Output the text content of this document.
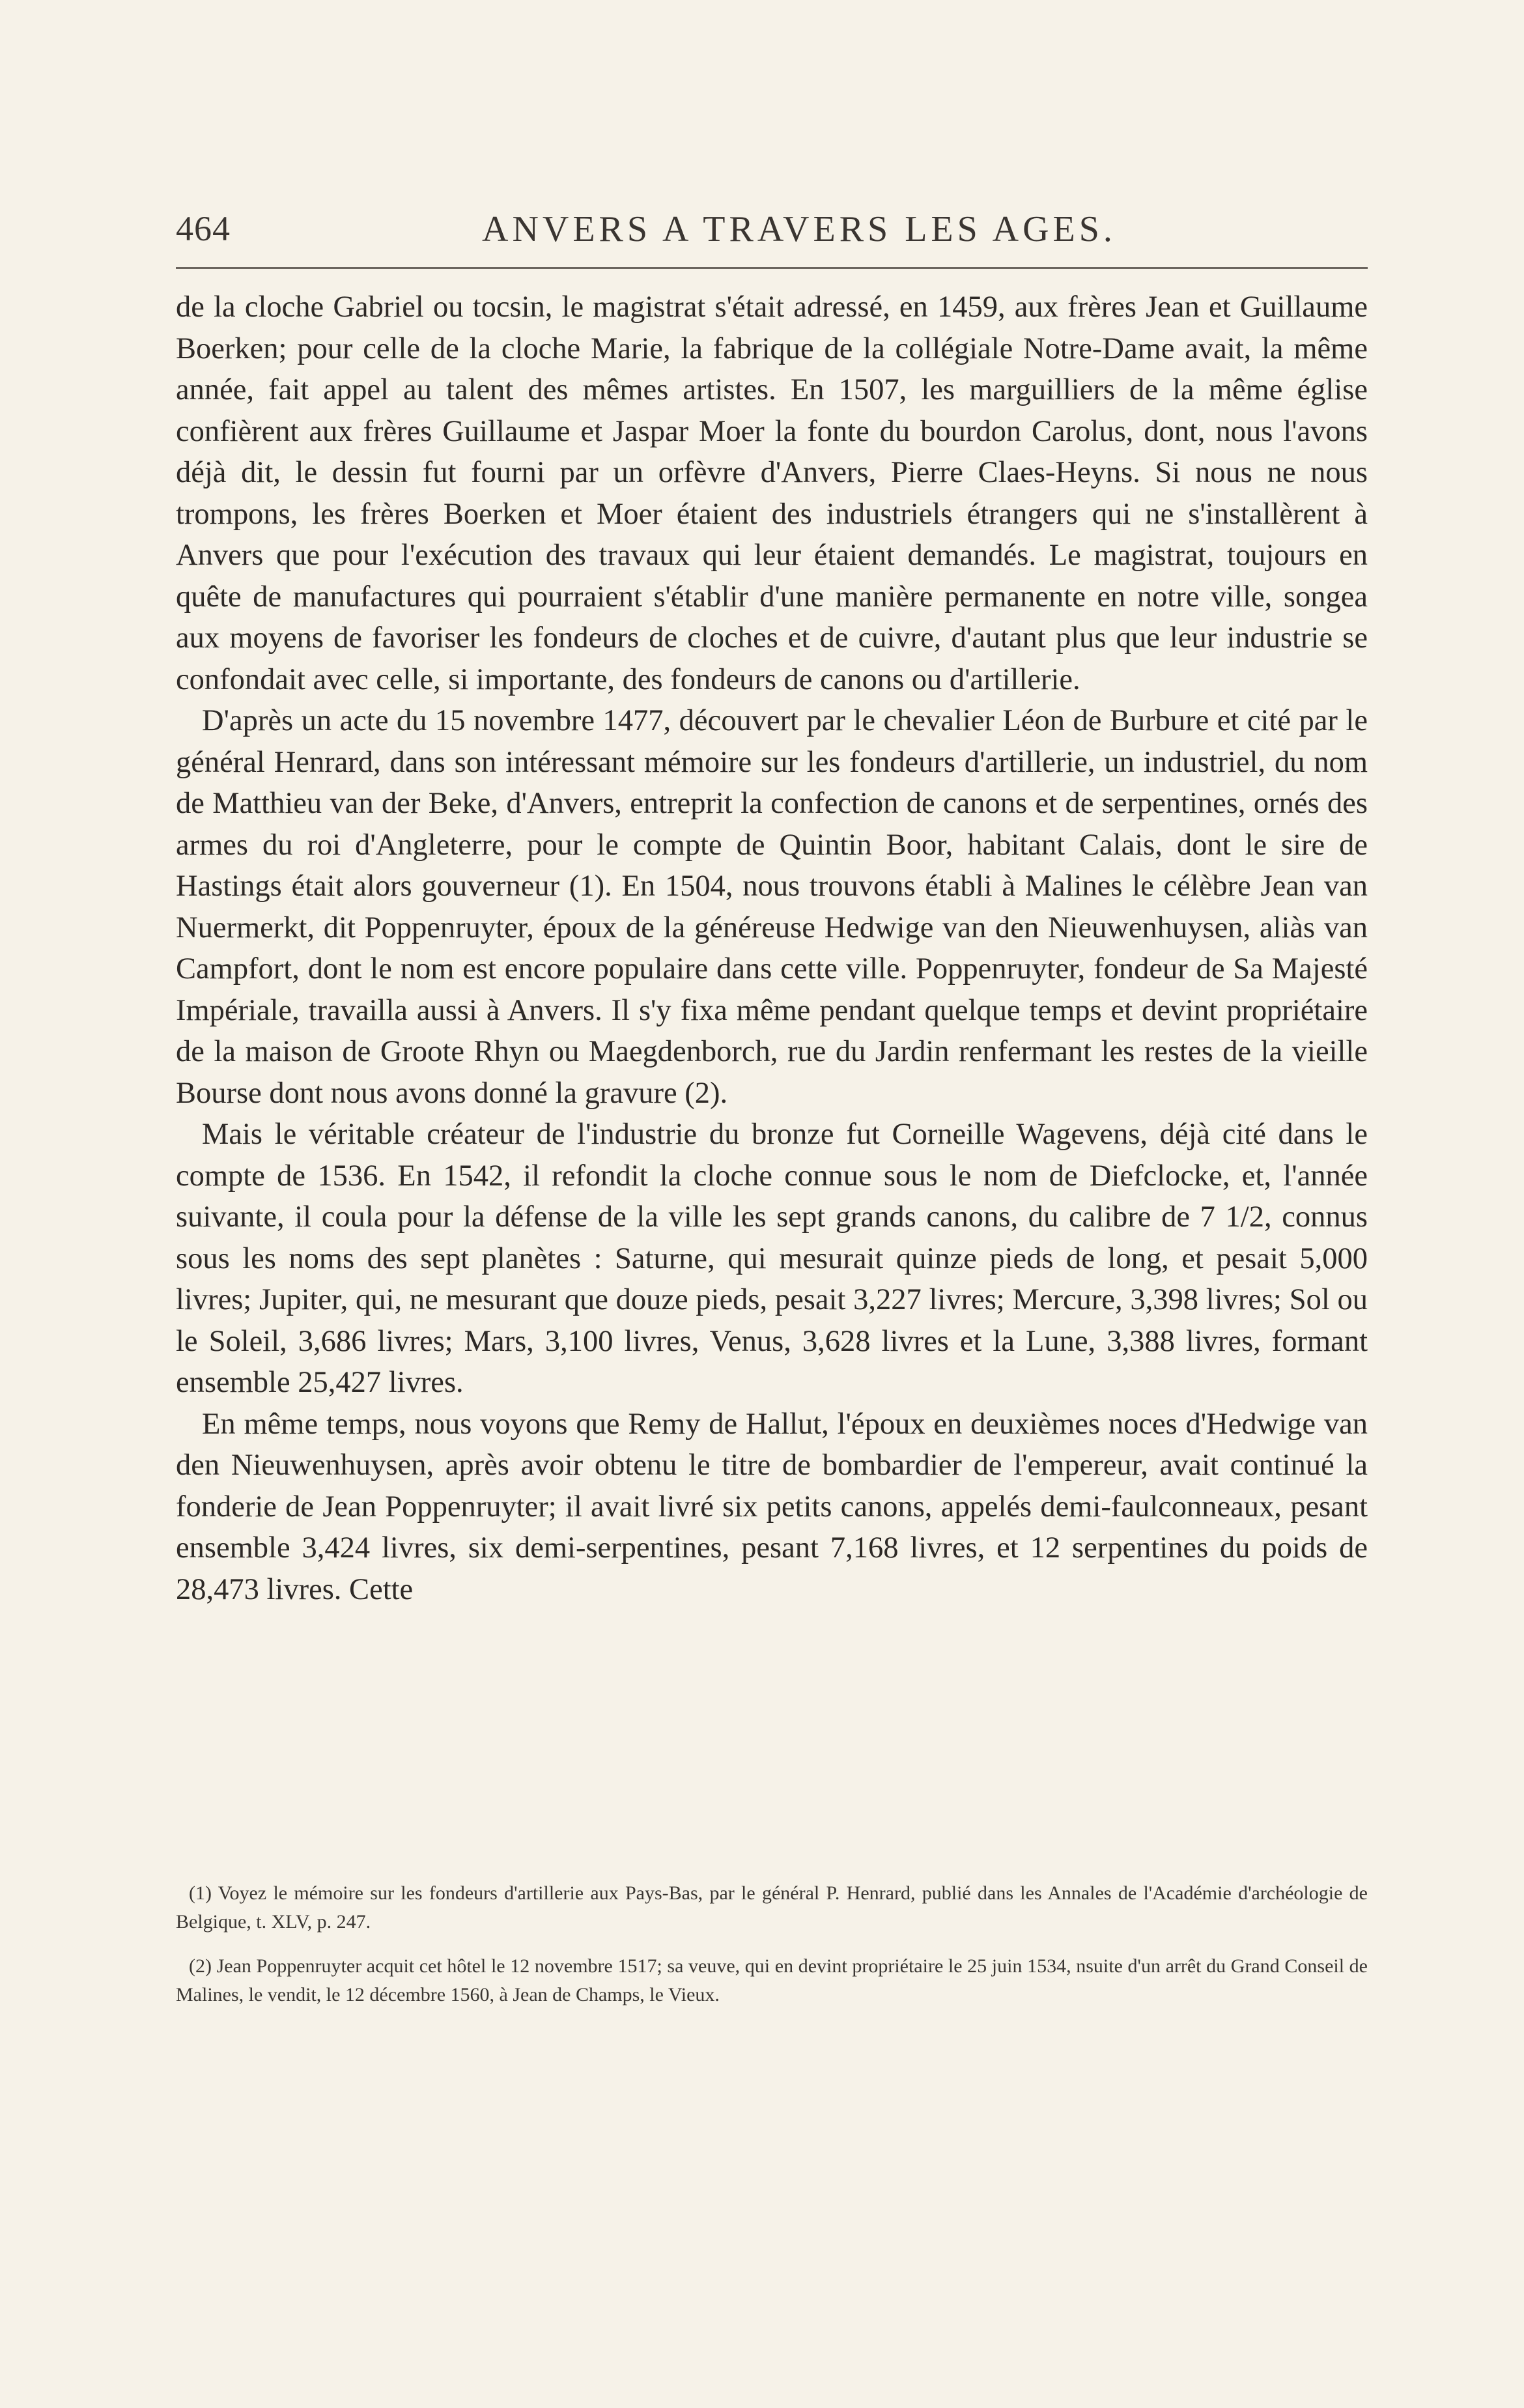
464	ANVERS A TRAVERS LES AGES.

de la cloche Gabriel ou tocsin, le magistrat s'était adressé, en 1459, aux frères Jean et Guillaume Boerken; pour celle de la cloche Marie, la fabrique de la collégiale Notre-Dame avait, la même année, fait appel au talent des mêmes artistes. En 1507, les marguilliers de la même église confièrent aux frères Guillaume et Jaspar Moer la fonte du bourdon Carolus, dont, nous l'avons déjà dit, le dessin fut fourni par un orfèvre d'Anvers, Pierre Claes-Heyns. Si nous ne nous trompons, les frères Boerken et Moer étaient des industriels étrangers qui ne s'installèrent à Anvers que pour l'exécution des travaux qui leur étaient demandés. Le magistrat, toujours en quête de manufactures qui pourraient s'établir d'une manière permanente en notre ville, songea aux moyens de favoriser les fondeurs de cloches et de cuivre, d'autant plus que leur industrie se confondait avec celle, si importante, des fondeurs de canons ou d'artillerie.

D'après un acte du 15 novembre 1477, découvert par le chevalier Léon de Burbure et cité par le général Henrard, dans son intéressant mémoire sur les fondeurs d'artillerie, un industriel, du nom de Matthieu van der Beke, d'Anvers, entreprit la confection de canons et de serpentines, ornés des armes du roi d'Angleterre, pour le compte de Quintin Boor, habitant Calais, dont le sire de Hastings était alors gouverneur (1). En 1504, nous trouvons établi à Malines le célèbre Jean van Nuermerkt, dit Poppenruyter, époux de la généreuse Hedwige van den Nieuwenhuysen, aliàs van Campfort, dont le nom est encore populaire dans cette ville. Poppenruyter, fondeur de Sa Majesté Impériale, travailla aussi à Anvers. Il s'y fixa même pendant quelque temps et devint propriétaire de la maison de Groote Rhyn ou Maegdenborch, rue du Jardin renfermant les restes de la vieille Bourse dont nous avons donné la gravure (2).

Mais le véritable créateur de l'industrie du bronze fut Corneille Wagevens, déjà cité dans le compte de 1536. En 1542, il refondit la cloche connue sous le nom de Diefclocke, et, l'année suivante, il coula pour la défense de la ville les sept grands canons, du calibre de 7 1/2, connus sous les noms des sept planètes : Saturne, qui mesurait quinze pieds de long, et pesait 5,000 livres; Jupiter, qui, ne mesurant que douze pieds, pesait 3,227 livres; Mercure, 3,398 livres; Sol ou le Soleil, 3,686 livres; Mars, 3,100 livres, Venus, 3,628 livres et la Lune, 3,388 livres, formant ensemble 25,427 livres.

En même temps, nous voyons que Remy de Hallut, l'époux en deuxièmes noces d'Hedwige van den Nieuwenhuysen, après avoir obtenu le titre de bombardier de l'empereur, avait continué la fonderie de Jean Poppenruyter; il avait livré six petits canons, appelés demi-faulconneaux, pesant ensemble 3,424 livres, six demi-serpentines, pesant 7,168 livres, et 12 serpentines du poids de 28,473 livres. Cette

(1) Voyez le mémoire sur les fondeurs d'artillerie aux Pays-Bas, par le général P. Henrard, publié dans les Annales de l'Académie d'archéologie de Belgique, t. XLV, p. 247.

(2) Jean Poppenruyter acquit cet hôtel le 12 novembre 1517; sa veuve, qui en devint propriétaire le 25 juin 1534, nsuite d'un arrêt du Grand Conseil de Malines, le vendit, le 12 décembre 1560, à Jean de Champs, le Vieux.
